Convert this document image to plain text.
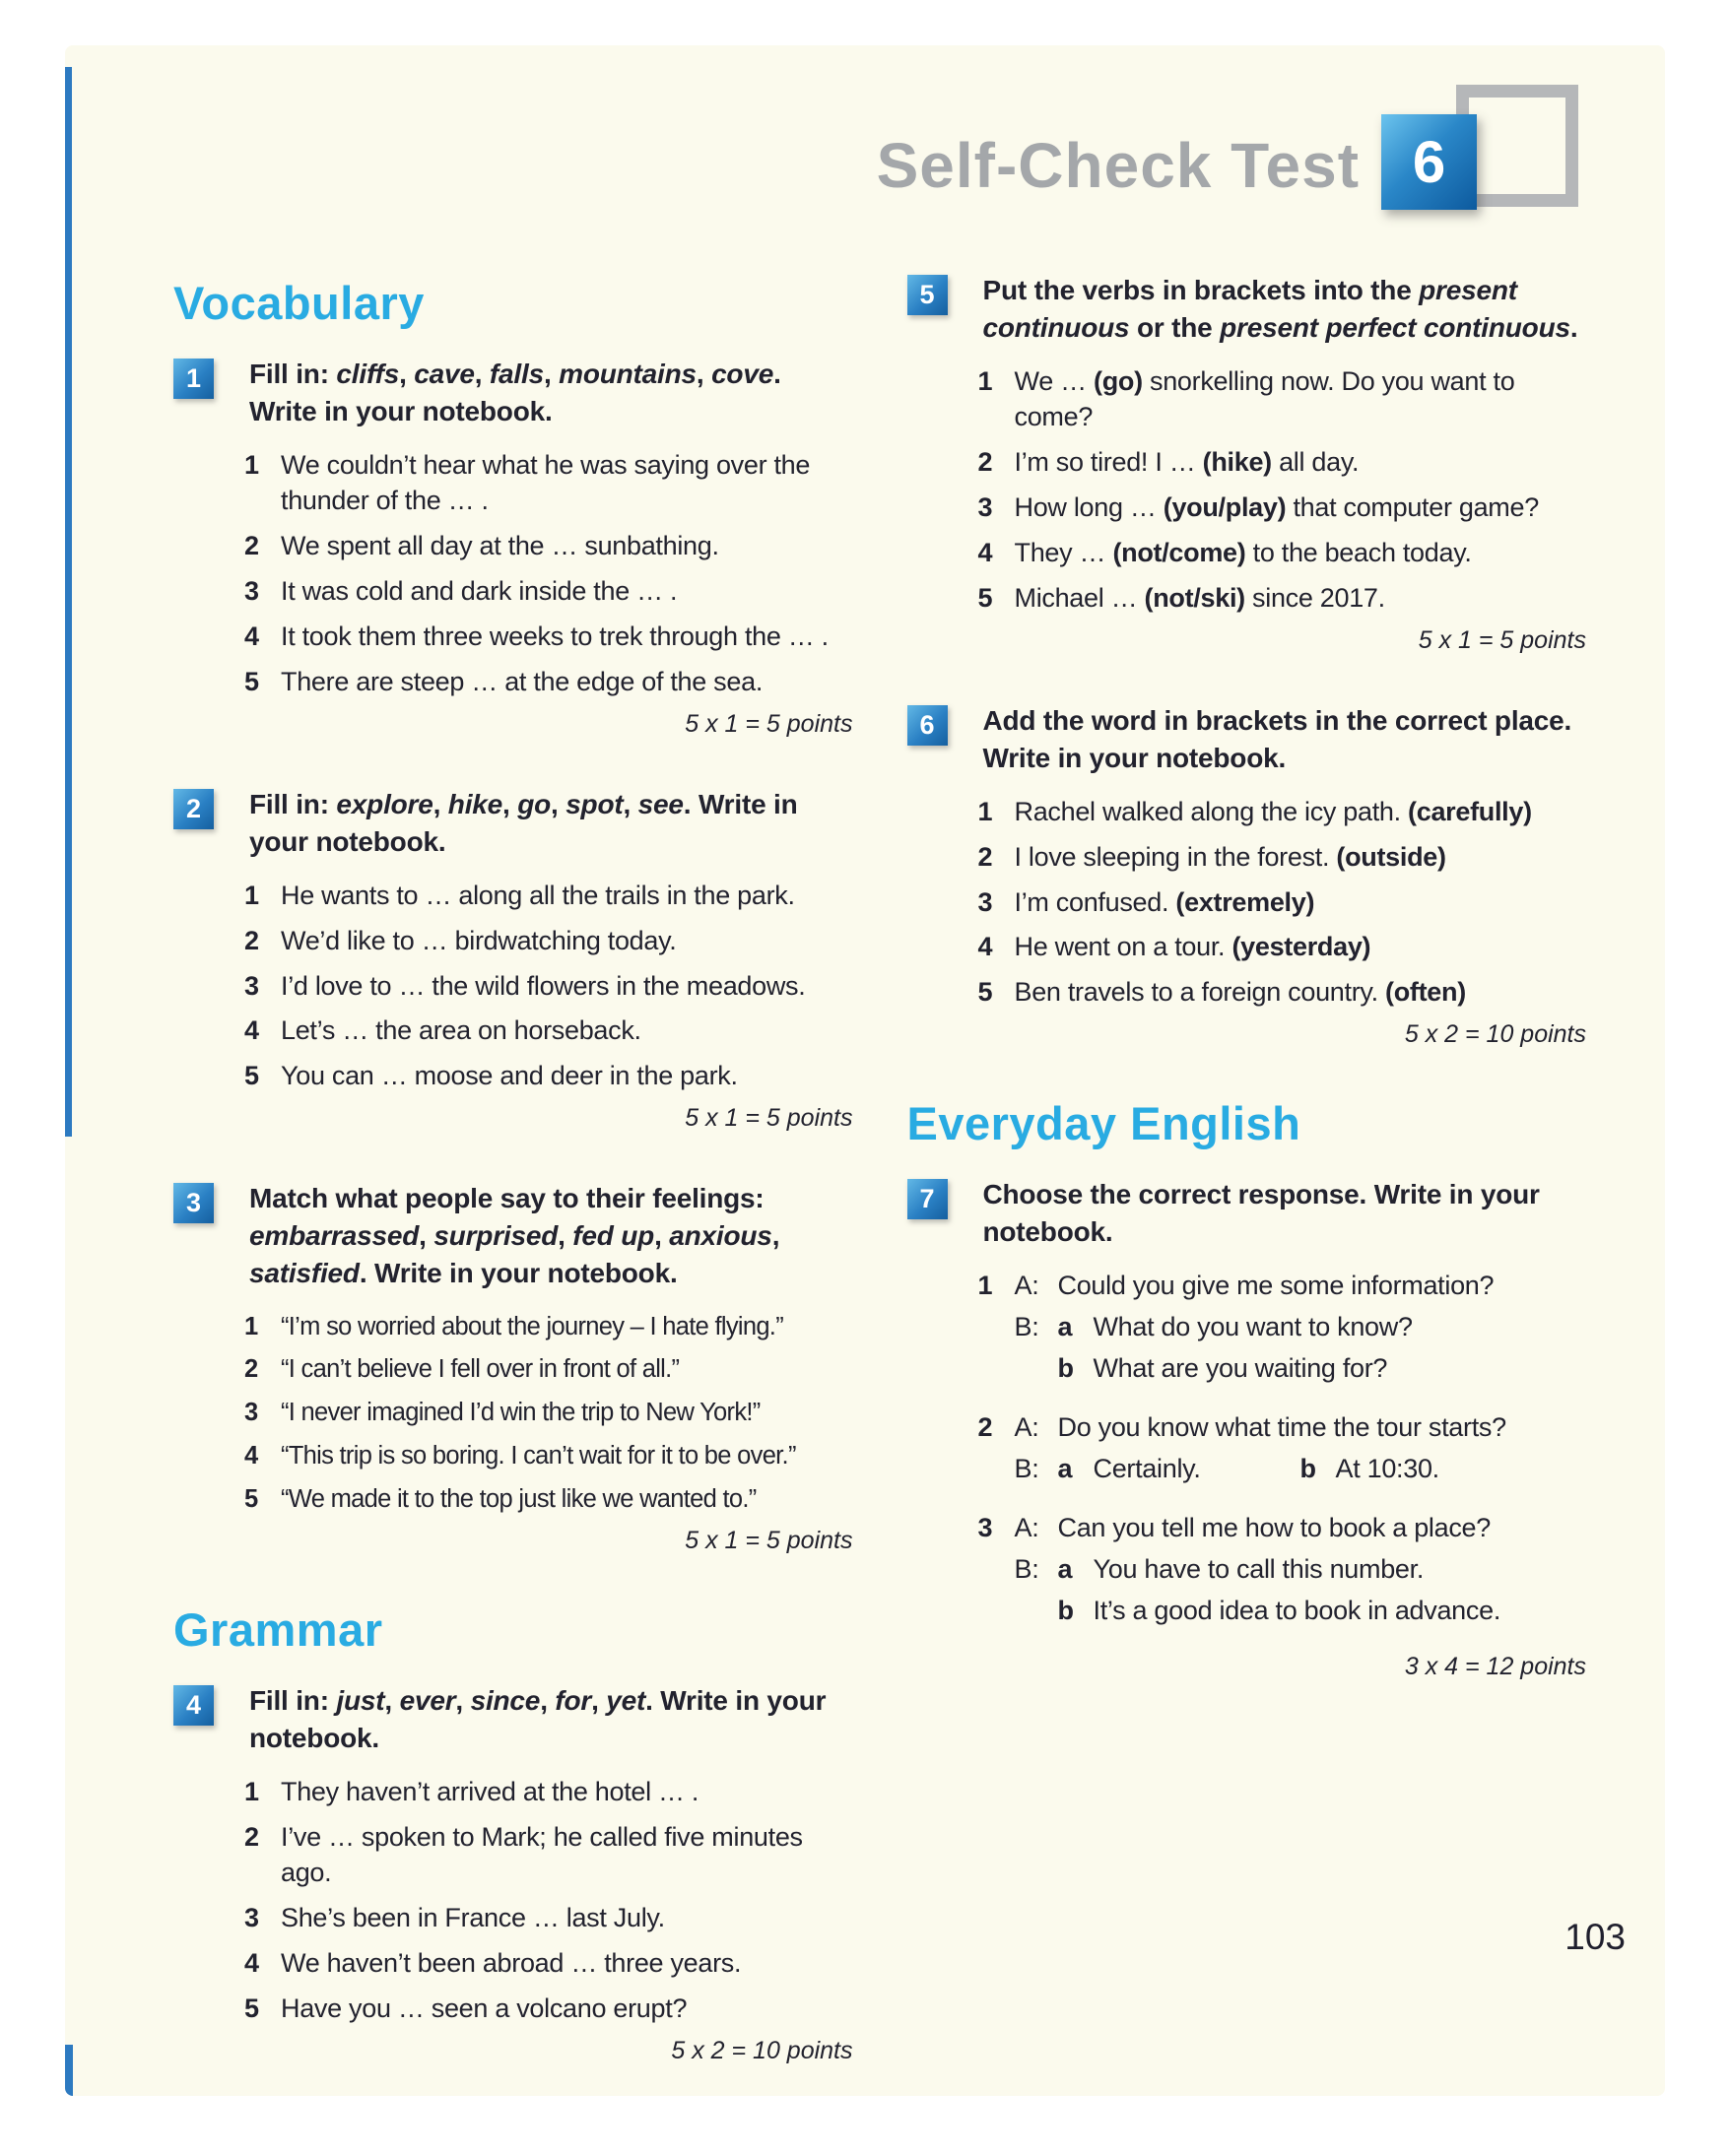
Self-Check Test 6
Vocabulary
1	Fill in: cliffs, cave, falls, mountains, cove. Write in your notebook.

1 We couldn’t hear what he was saying over the thunder of the … .
2 We spent all day at the … sunbathing.
3 It was cold and dark inside the … .
4 It took them three weeks to trek through the … .
5 There are steep … at the edge of the sea.
5 x 1 = 5 points
2	Fill in: explore, hike, go, spot, see. Write in your notebook.

1 He wants to … along all the trails in the park.
2 We’d like to … birdwatching today.
3 I’d love to … the wild flowers in the meadows.
4 Let’s … the area on horseback.
5 You can … moose and deer in the park.
5 x 1 = 5 points
3	Match what people say to their feelings: embarrassed, surprised, fed up, anxious, satisfied. Write in your notebook.

1 “I’m so worried about the journey – I hate flying.”
2 “I can’t believe I fell over in front of all.”
3 “I never imagined I’d win the trip to New York!”
4 “This trip is so boring. I can’t wait for it to be over.”
5 “We made it to the top just like we wanted to.”
5 x 1 = 5 points
Grammar
4	Fill in: just, ever, since, for, yet. Write in your notebook.

1 They haven’t arrived at the hotel … .
2 I’ve … spoken to Mark; he called five minutes ago.
3 She’s been in France … last July.
4 We haven’t been abroad … three years.
5 Have you … seen a volcano erupt?
5 x 2 = 10 points
5	Put the verbs in brackets into the present continuous or the present perfect continuous.

1 We … (go) snorkelling now. Do you want to come?
2 I’m so tired! I … (hike) all day.
3 How long … (you/play) that computer game?
4 They … (not/come) to the beach today.
5 Michael … (not/ski) since 2017.
5 x 1 = 5 points
6	Add the word in brackets in the correct place. Write in your notebook.

1 Rachel walked along the icy path. (carefully)
2 I love sleeping in the forest. (outside)
3 I’m confused. (extremely)
4 He went on a tour. (yesterday)
5 Ben travels to a foreign country. (often)
5 x 2 = 10 points
Everyday English
7	Choose the correct response. Write in your notebook.

1 A: Could you give me some information?
B: a What do you want to know?
b What are you waiting for?
2 A: Do you know what time the tour starts?
B: a Certainly.	b At 10:30.
3 A: Can you tell me how to book a place?
B: a You have to call this number.
b It’s a good idea to book in advance.
3 x 4 = 12 points
103
